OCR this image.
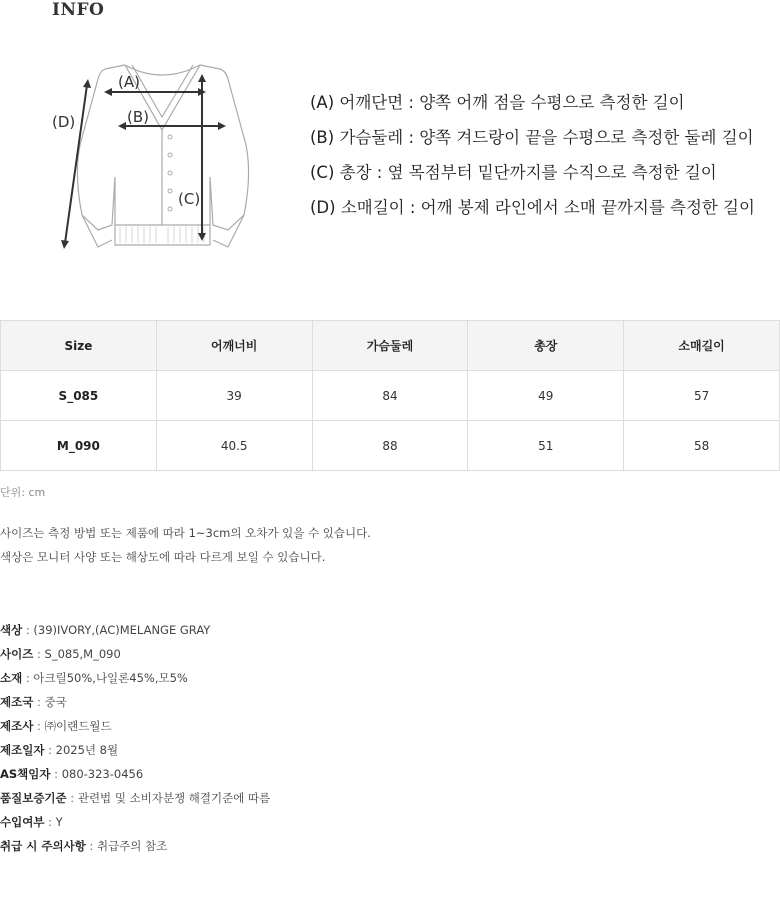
INFO
(A)
(B)
(C)
(D)
(A) 어깨단면 : 양쪽 어깨 점을 수평으로 측정한 길이
(B) 가슴둘레 : 양쪽 겨드랑이 끝을 수평으로 측정한 둘레 길이
(C) 총장 : 옆 목점부터 밑단까지를 수직으로 측정한 길이
(D) 소매길이 : 어깨 봉제 라인에서 소매 끝까지를 측정한 길이
Size	어깨너비	가슴둘레	총장	소매길이
S_085	39	84	49	57
M_090	40.5	88	51	58
단위: cm
사이즈는 측정 방법 또는 제품에 따라 1~3cm의 오차가 있을 수 있습니다.
색상은 모니터 사양 또는 해상도에 따라 다르게 보일 수 있습니다.
색상 : (39)IVORY,(AC)MELANGE GRAY
사이즈 : S_085,M_090
소재 : 아크릴50%,나일론45%,모5%
제조국 : 중국
제조사 : ㈜이랜드월드
제조일자 : 2025년 8월
AS책임자 : 080-323-0456
품질보증기준 : 관련법 및 소비자분쟁 해결기준에 따름
수입여부 : Y
취급 시 주의사항 : 취급주의 참조
